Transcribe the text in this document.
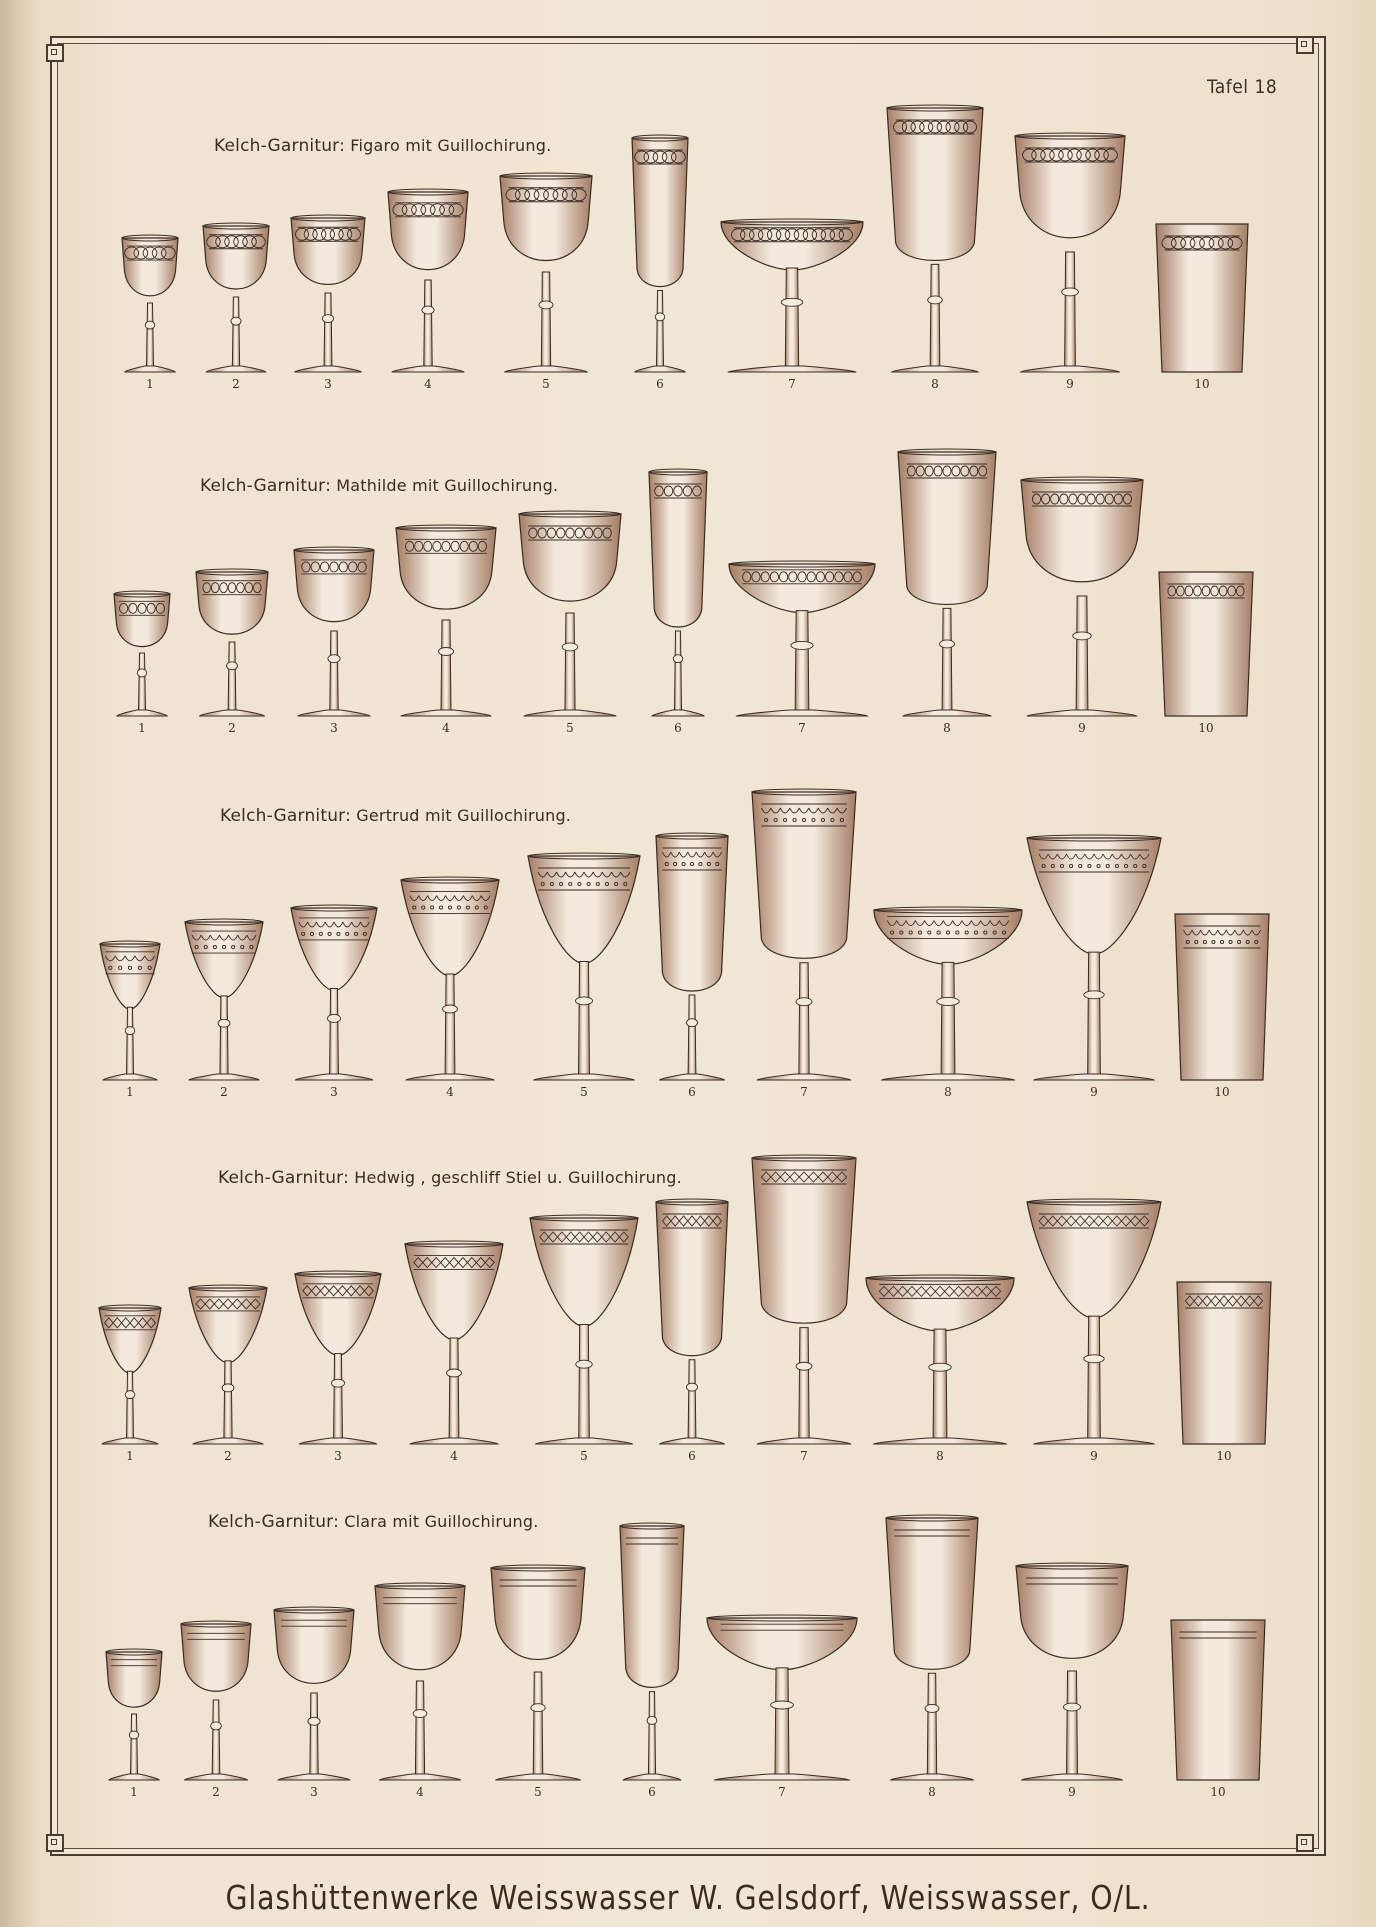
Tafel 18
Kelch-Garnitur: Figaro mit Guillochirung.
1	2	3	4	5	6	7	8	9	10
Kelch-Garnitur: Mathilde mit Guillochirung.
1	2	3	4	5	6	7	8	9	10
Kelch-Garnitur: Gertrud mit Guillochirung.
1	2	3	4	5	6	7	8	9	10
Kelch-Garnitur: Hedwig , geschliff Stiel u. Guillochirung.
1	2	3	4	5	6	7	8	9	10
Kelch-Garnitur: Clara mit Guillochirung.
1	2	3	4	5	6	7	8	9	10
Glashüttenwerke Weisswasser W. Gelsdorf, Weisswasser, O/L.
